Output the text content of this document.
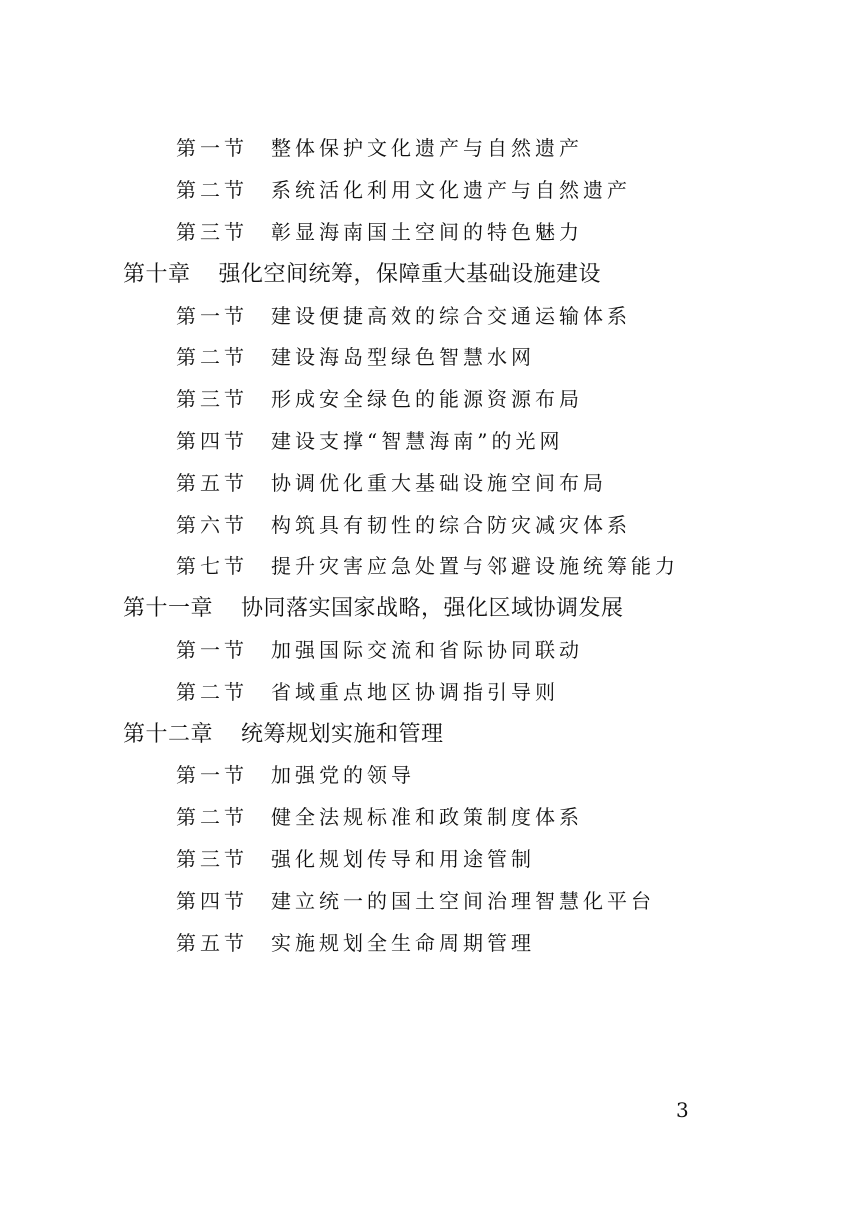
第一节	整体保护文化遗产与自然遗产
第二节	系统活化利用文化遗产与自然遗产
第三节	彰显海南国土空间的特色魅力
第十章 强化空间统筹，保障重大基础设施建设
第一节	建设便捷高效的综合交通运输体系
第二节	建设海岛型绿色智慧水网
第三节	形成安全绿色的能源资源布局
第四节	建设支撑“智慧海南”的光网
第五节	协调优化重大基础设施空间布局
第六节	构筑具有韧性的综合防灾减灾体系
第七节	提升灾害应急处置与邻避设施统筹能力
第十一章 协同落实国家战略，强化区域协调发展
第一节	加强国际交流和省际协同联动
第二节	省域重点地区协调指引导则
第十二章 统筹规划实施和管理
第一节	加强党的领导
第二节	健全法规标准和政策制度体系
第三节	强化规划传导和用途管制
第四节	建立统一的国土空间治理智慧化平台
第五节	实施规划全生命周期管理
3
